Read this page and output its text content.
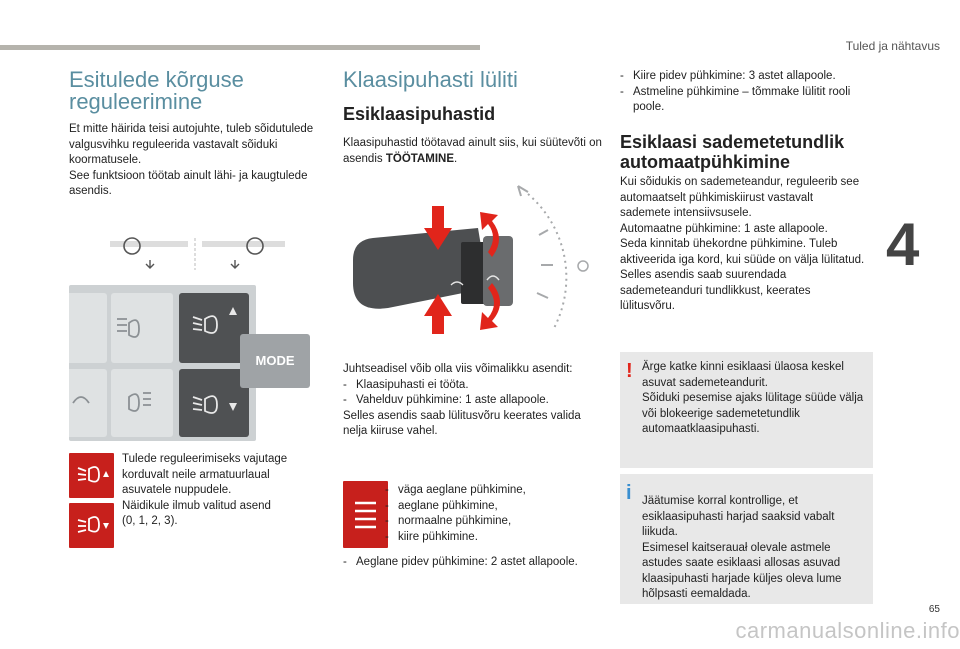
Tuled ja nähtavus
4
65
carmanualsonline.info
Esitulede kõrguse
reguleerimine

Et mitte häirida teisi autojuhte, tuleb sõidutulede valgusvihku reguleerida vastavalt sõiduki koormatusele.

See funktsioon töötab ainult lähi- ja kaugtulede asendis.

MODE

Tulede reguleerimiseks vajutage korduvalt neile armatuurlaual asuvatele nuppudele.

Näidikule ilmub valitud asend

(0, 1, 2, 3).

Klaasipuhasti lüliti
Esiklaasipuhastid
Klaasipuhastid töötavad ainult siis, kui süütevõti on asendis TÖÖTAMINE.

Juhtseadisel võib olla viis võimalikku asendit:

- Klaasipuhasti ei tööta.
- Vahelduv pühkimine: 1 aste allapoole.

Selles asendis saab lülitusvõru keerates valida nelja kiiruse vahel.

- väga aeglane pühkimine,
- aeglane pühkimine,
- normaalne pühkimine,
- kiire pühkimine.
- Aeglane pidev pühkimine: 2 astet allapoole.
- Kiire pidev pühkimine: 3 astet allapoole.
- Astmeline pühkimine – tõmmake lülitit rooli poole.
Esiklaasi sademetetundlik
automaatpühkimine

Kui sõidukis on sademeteandur, reguleerib see automaatselt pühkimiskiirust vastavalt sademete intensiivsusele.

Automaatne pühkimine: 1 aste allapoole.

Seda kinnitab ühekordne pühkimine. Tuleb aktiveerida iga kord, kui süüde on välja lülitatud.

Selles asendis saab suurendada sademeteanduri tundlikkust, keerates lülitusvõru.

! Ärge katke kinni esiklaasi ülaosa keskel asuvat sademeteandurit.

Sõiduki pesemise ajaks lülitage süüde välja või blokeerige sademetetundlik automaatklaasipuhasti.

i Jäätumise korral kontrollige, et esiklaasipuhasti harjad saaksid vabalt liikuda.

Esimesel kaitserauał olevale astmele astudes saate esiklaasi allosas asuvad klaasipuhasti harjade küljes oleva lume hõlpsasti eemaldada.
